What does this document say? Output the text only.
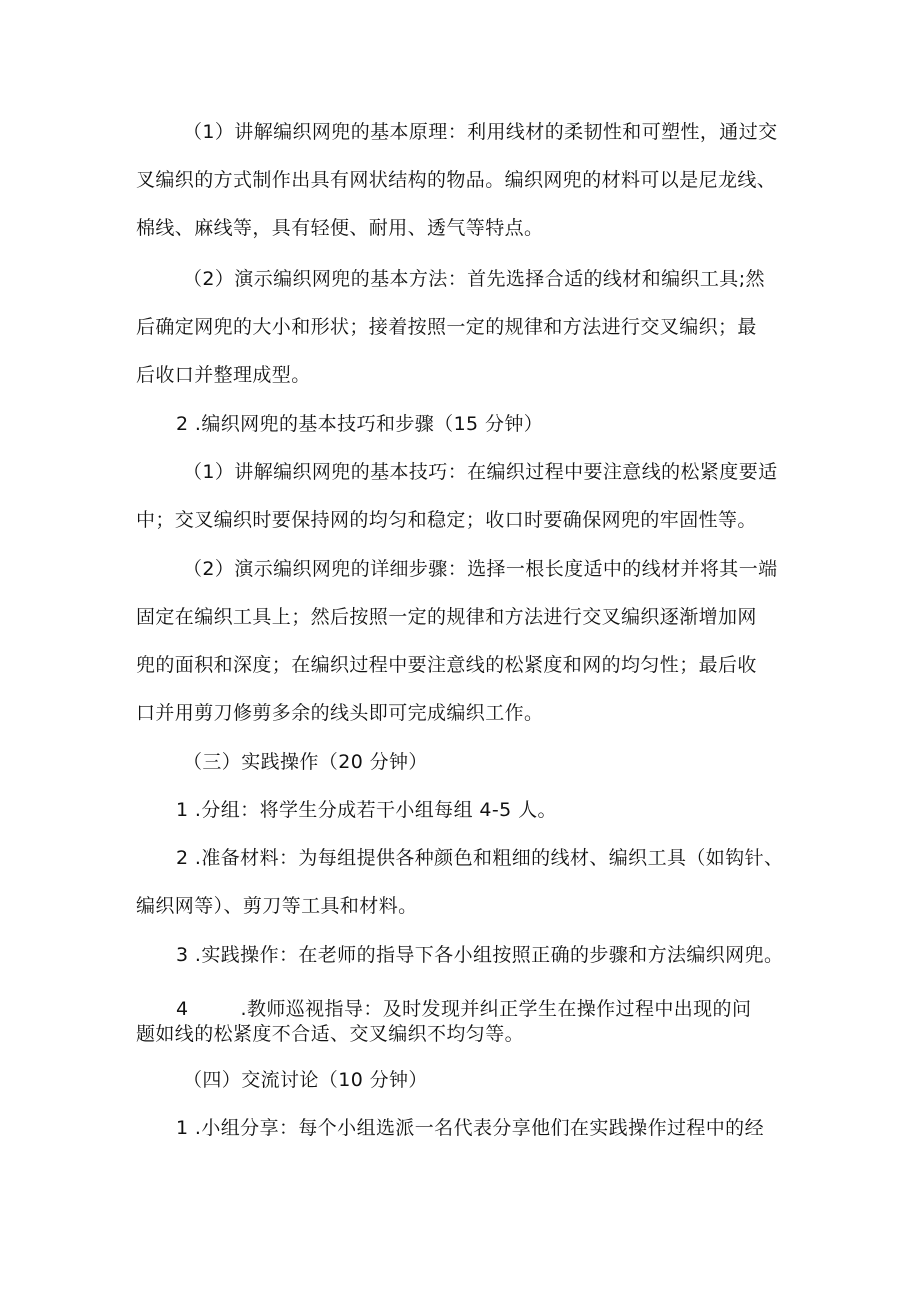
（1）讲解编织网兜的基本原理：利用线材的柔韧性和可塑性，通过交
叉编织的方式制作出具有网状结构的物品。编织网兜的材料可以是尼龙线、
棉线、麻线等，具有轻便、耐用、透气等特点。
（2）演示编织网兜的基本方法：首先选择合适的线材和编织工具;然
后确定网兜的大小和形状；接着按照一定的规律和方法进行交叉编织；最
后收口并整理成型。
2 .编织网兜的基本技巧和步骤（15 分钟）
（1）讲解编织网兜的基本技巧：在编织过程中要注意线的松紧度要适
中；交叉编织时要保持网的均匀和稳定；收口时要确保网兜的牢固性等。
（2）演示编织网兜的详细步骤：选择一根长度适中的线材并将其一端
固定在编织工具上；然后按照一定的规律和方法进行交叉编织逐渐增加网
兜的面积和深度；在编织过程中要注意线的松紧度和网的均匀性；最后收
口并用剪刀修剪多余的线头即可完成编织工作。
（三）实践操作（20 分钟）
1 .分组：将学生分成若干小组每组 4-5 人。
2 .准备材料：为每组提供各种颜色和粗细的线材、编织工具（如钩针、
编织网等）、剪刀等工具和材料。
3 .实践操作：在老师的指导下各小组按照正确的步骤和方法编织网兜。
4	.教师巡视指导：及时发现并纠正学生在操作过程中出现的问
题如线的松紧度不合适、交叉编织不均匀等。
（四）交流讨论（10 分钟）
1 .小组分享：每个小组选派一名代表分享他们在实践操作过程中的经
